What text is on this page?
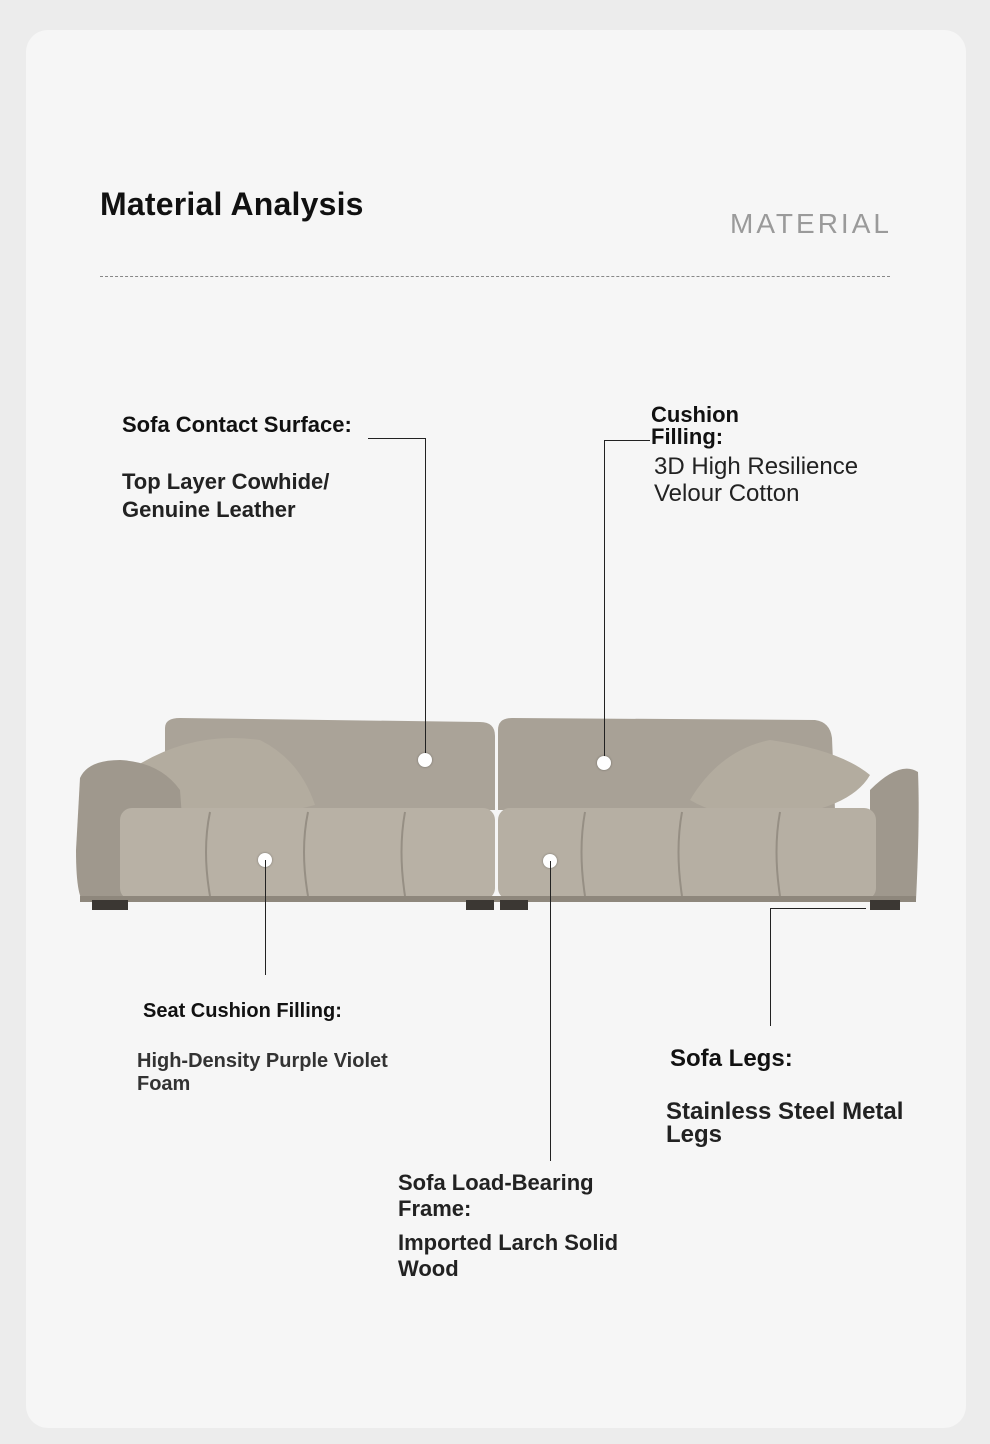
Material Analysis
MATERIAL
Sofa Contact Surface:
Top Layer Cowhide/
Genuine Leather
Cushion
Filling:
3D High Resilience
Velour Cotton
Seat Cushion Filling:
High-Density Purple Violet
Foam
Sofa Load-Bearing
Frame:
Imported Larch Solid
Wood
Sofa Legs:
Stainless Steel Metal
Legs
